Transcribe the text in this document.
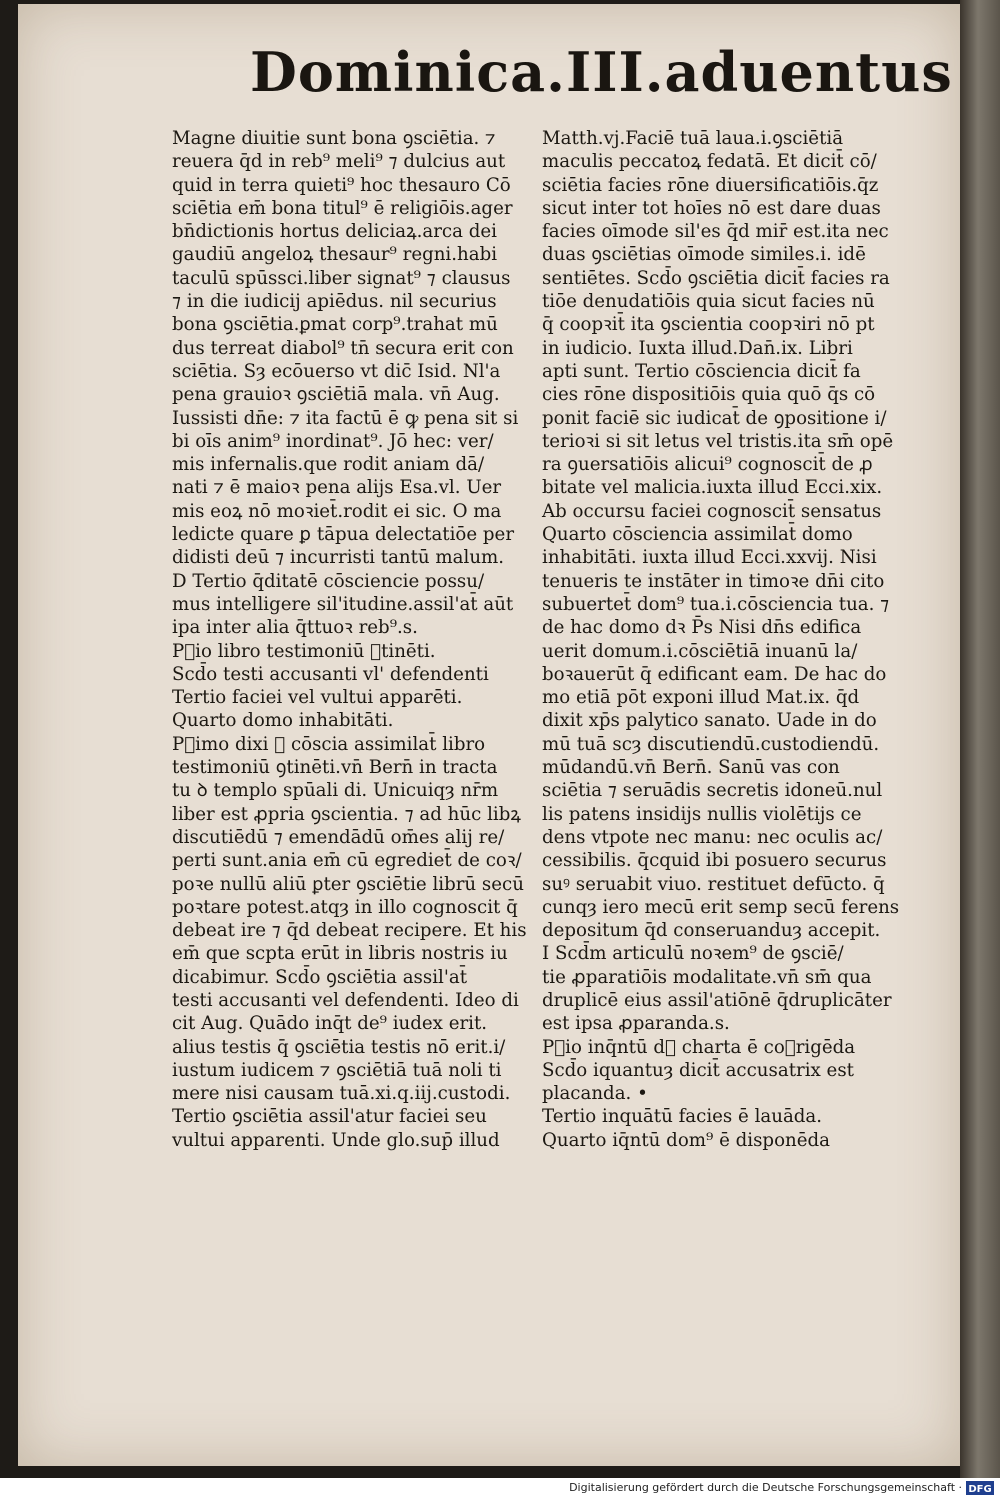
Dominica.III.aduentus
Magne diuitie sunt bona ꝯsciētia. ⁊
reuera q̄d in reb⁹ meli⁹ ⁊ dulcius aut
quid in terra quieti⁹ hoc thesauro Cō
sciētia em̄ bona titul⁹ ē religiōis.ager
bn̄dictionis hortus deliciaꝝ.arca dei
gaudiū angeloꝝ thesaur⁹ regni.habi
taculū spūssci.liber signat⁹ ⁊ clausus
⁊ in die iudicij apiēdus. nil securius
bona ꝯsciētia.ꝑmat corp⁹.trahat mū
dus terreat diabol⁹ tn̄ secura erit con
sciētia. Sȝ ecōuerso vt dic̄ Isid. Nl'a
pena grauioꝛ ꝯsciētiā mala. vn̄ Aug.
Iussisti dn̄e: ⁊ ita factū ē ꝙ pena sit si
bi oīs anim⁹ inordinat⁹. Jō hec: ver/
mis infernalis.que rodit aniam dā/
nati ⁊ ē maioꝛ pena alijs Esa.vl. Uer
mis eoꝝ nō moꝛiet̄.rodit ei sic. O ma
ledicte quare ꝑ tāpua delectatiōe per
didisti deū ⁊ incurristi tantū malum.
D Tertio q̄ditatē cōsciencie possu/
mus intelligere sil'itudine.assil'at̄ aūt
ipa inter alia q̄ttuoꝛ reb⁹.s.
Pᷓio libro testimoniū ꝯtinēti.
Scd̄o testi accusanti vl' defendenti
Tertio faciei vel vultui apparēti.
Quarto domo inhabitāti.
Pᷓimo dixi ꝙ cōscia assimilat̄ libro
testimoniū ꝯtinēti.vn̄ Bern̄ in tracta
tu ꝺ templo spūali di. Unicuiqȝ nr̄m
liber est ꝓpria ꝯscientia. ⁊ ad hūc libꝝ
discutiēdū ⁊ emendādū om̄es alij re/
perti sunt.ania em̄ cū egrediet̄ de coꝛ/
poꝛe nullū aliū ꝑter ꝯsciētie librū secū
poꝛtare potest.atqȝ in illo cognoscit q̄
debeat ire ⁊ q̄d debeat recipere. Et his
em̄ que scpta erūt in libris nostris iu
dicabimur. Scd̄o ꝯsciētia assil'at̄
testi accusanti vel defendenti. Ideo di
cit Aug. Quādo inq̄t de⁹ iudex erit.
alius testis q̄ ꝯsciētia testis nō erit.i/
iustum iudicem ⁊ ꝯsciētiā tuā noli ti
mere nisi causam tuā.xi.q.iij.custodi.
Tertio ꝯsciētia assil'atur faciei seu
vultui apparenti. Unde glo.sup̄ illud
Matth.vj.Faciē tuā laua.i.ꝯsciētiā
maculis peccatoꝝ fedatā. Et dicit̄ cō/
sciētia facies rōne diuersificatiōis.q̄z
sicut inter tot hoīes nō est dare duas
facies oīmode sil'es q̄d mir̄ est.ita nec
duas ꝯsciētias oīmode similes.i. idē
sentiētes. Scd̄o ꝯsciētia dicit̄ facies ra
tiōe denudatiōis quia sicut facies nū
q̄ coopꝛit̄ ita ꝯscientia coopꝛiri nō pt
in iudicio. Iuxta illud.Dan̄.ix. Libri
apti sunt. Tertio cōsciencia dicit̄ fa
cies rōne dispositiōis quia quō q̄s cō
ponit faciē sic iudicat̄ de ꝯpositione i/
terioꝛi si sit letus vel tristis.ita sm̄ opē
ra ꝯuersatiōis alicui⁹ cognoscit̄ de ꝓ
bitate vel malicia.iuxta illud Ecci.xix.
Ab occursu faciei cognoscit̄ sensatus
Quarto cōsciencia assimilat̄ domo
inhabitāti. iuxta illud Ecci.xxvij. Nisi
tenueris te instāter in timoꝛe dn̄i cito
subuertet̄ dom⁹ tua.i.cōsciencia tua. ⁊
de hac domo dꝛ P̄s Nisi dn̄s edifica
uerit domum.i.cōsciētiā inuanū la/
boꝛauerūt q̄ edificant eam. De hac do
mo etiā pōt exponi illud Mat.ix. q̄d
dixit xp̄s palytico sanato. Uade in do
mū tuā scȝ discutiendū.custodiendū.
mūdandū.vn̄ Bern̄. Sanū vas con
sciētia ⁊ seruādis secretis idoneū.nul
lis patens insidijs nullis violētijs ce
dens vtpote nec manu: nec oculis ac/
cessibilis. q̄cquid ibi posuero securus
suꝰ seruabit viuo. restituet defūcto. q̄
cunqȝ iero mecū erit semp secū ferens
depositum q̄d conseruanduȝ accepit.
I Scd̄m articulū noꝛem⁹ de ꝯsciē/
tie ꝓparatiōis modalitate.vn̄ sm̄ qua
druplicē eius assil'atiōnē q̄druplicāter
est ipsa ꝓparanda.s.
Pᷓio inq̄ntū dꝛ charta ē coꝛrigēda
Scd̄o iquantuȝ dicit̄ accusatrix est
placanda. •
Tertio inquātū facies ē lauāda.
Quarto iq̄ntū dom⁹ ē disponēda
Digitalisierung gefördert durch die Deutsche Forschungsgemeinschaft · DFG
